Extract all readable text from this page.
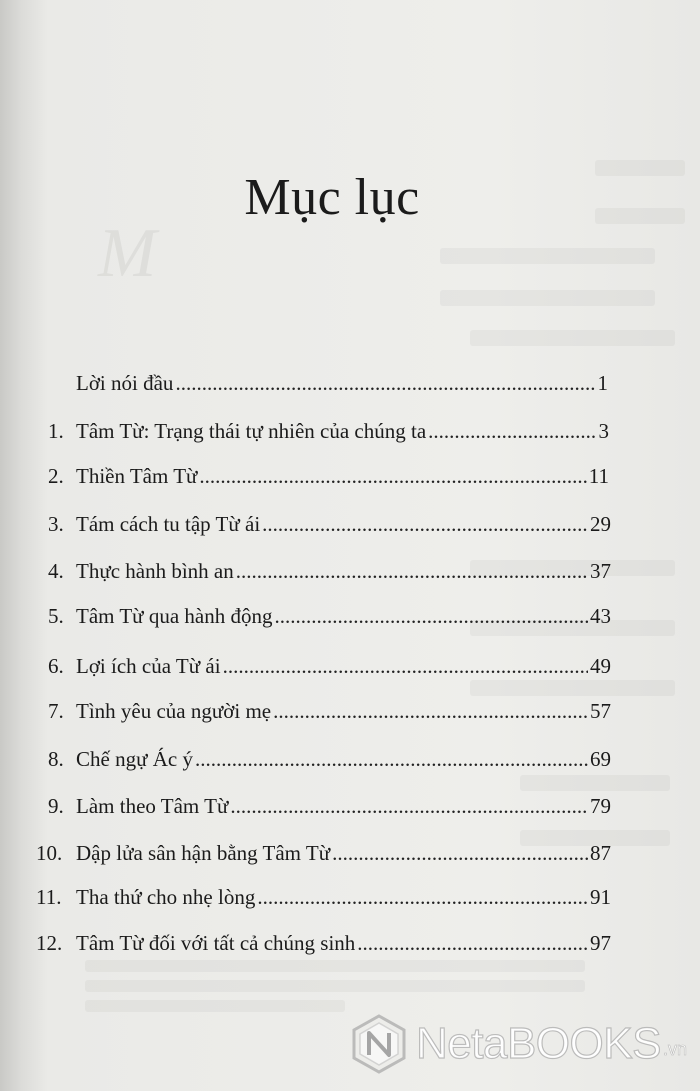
M
Mục lục
Lời nói đầu .....	1
1. Tâm Từ: Trạng thái tự nhiên của chúng ta .....	3
2. Thiền Tâm Từ .....	11
3. Tám cách tu tập Từ ái .....	29
4. Thực hành bình an .....	37
5. Tâm Từ qua hành động .....	43
6. Lợi ích của Từ ái .....	49
7. Tình yêu của người mẹ .....	57
8. Chế ngự Ác ý .....	69
9. Làm theo Tâm Từ .....	79
10. Dập lửa sân hận bằng Tâm Từ .....	87
11. Tha thứ cho nhẹ lòng .....	91
12. Tâm Từ đối với tất cả chúng sinh .....	97
NetaBOOKS .vn
